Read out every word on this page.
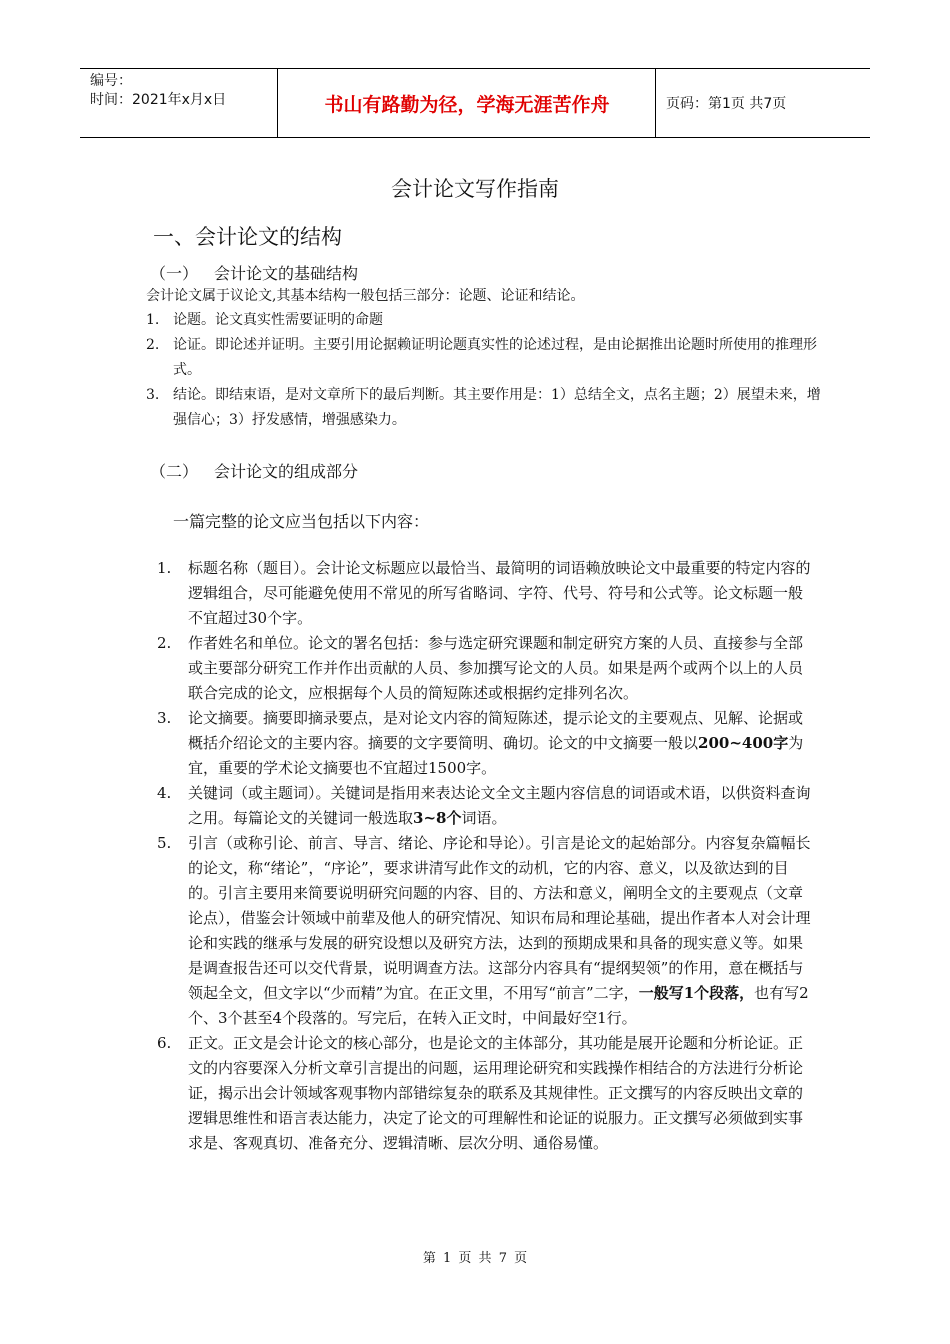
编号：
时间：2021年x月x日	书山有路勤为径，学海无涯苦作舟	页码：第1页 共7页
会计论文写作指南
一、会计论文的结构
（一） 会计论文的基础结构
会计论文属于议论文,其基本结构一般包括三部分：论题、论证和结论。
1. 论题。论文真实性需要证明的命题
2. 论证。即论述并证明。主要引用论据赖证明论题真实性的论述过程，是由论据推出论题时所使用的推理形式。
3. 结论。即结束语，是对文章所下的最后判断。其主要作用是：1）总结全文，点名主题；2）展望未来，增强信心；3）抒发感情，增强感染力。
（二） 会计论文的组成部分
一篇完整的论文应当包括以下内容：
1. 标题名称（题目）。会计论文标题应以最恰当、最简明的词语赖放映论文中最重要的特定内容的逻辑组合，尽可能避免使用不常见的所写省略词、字符、代号、符号和公式等。论文标题一般不宜超过30个字。
2. 作者姓名和单位。论文的署名包括：参与选定研究课题和制定研究方案的人员、直接参与全部或主要部分研究工作并作出贡献的人员、参加撰写论文的人员。如果是两个或两个以上的人员联合完成的论文，应根据每个人员的简短陈述或根据约定排列名次。
3. 论文摘要。摘要即摘录要点，是对论文内容的简短陈述，提示论文的主要观点、见解、论据或概括介绍论文的主要内容。摘要的文字要简明、确切。论文的中文摘要一般以200~400字为宜，重要的学术论文摘要也不宜超过1500字。
4. 关键词（或主题词）。关键词是指用来表达论文全文主题内容信息的词语或术语，以供资料查询之用。每篇论文的关键词一般选取3~8个词语。
5. 引言（或称引论、前言、导言、绪论、序论和导论）。引言是论文的起始部分。内容复杂篇幅长的论文，称“绪论”，“序论”，要求讲清写此作文的动机，它的内容、意义，以及欲达到的目的。引言主要用来简要说明研究问题的内容、目的、方法和意义，阐明全文的主要观点（文章论点），借鉴会计领域中前辈及他人的研究情况、知识布局和理论基础，提出作者本人对会计理论和实践的继承与发展的研究设想以及研究方法，达到的预期成果和具备的现实意义等。如果是调查报告还可以交代背景，说明调查方法。这部分内容具有“提纲契领”的作用，意在概括与领起全文，但文字以“少而精”为宜。在正文里，不用写“前言”二字，一般写1个段落，也有写2个、3个甚至4个段落的。写完后，在转入正文时，中间最好空1行。
6. 正文。正文是会计论文的核心部分，也是论文的主体部分，其功能是展开论题和分析论证。正文的内容要深入分析文章引言提出的问题，运用理论研究和实践操作相结合的方法进行分析论证，揭示出会计领域客观事物内部错综复杂的联系及其规律性。正文撰写的内容反映出文章的逻辑思维性和语言表达能力，决定了论文的可理解性和论证的说服力。正文撰写必须做到实事求是、客观真切、准备充分、逻辑清晰、层次分明、通俗易懂。
第 1 页 共 7 页
